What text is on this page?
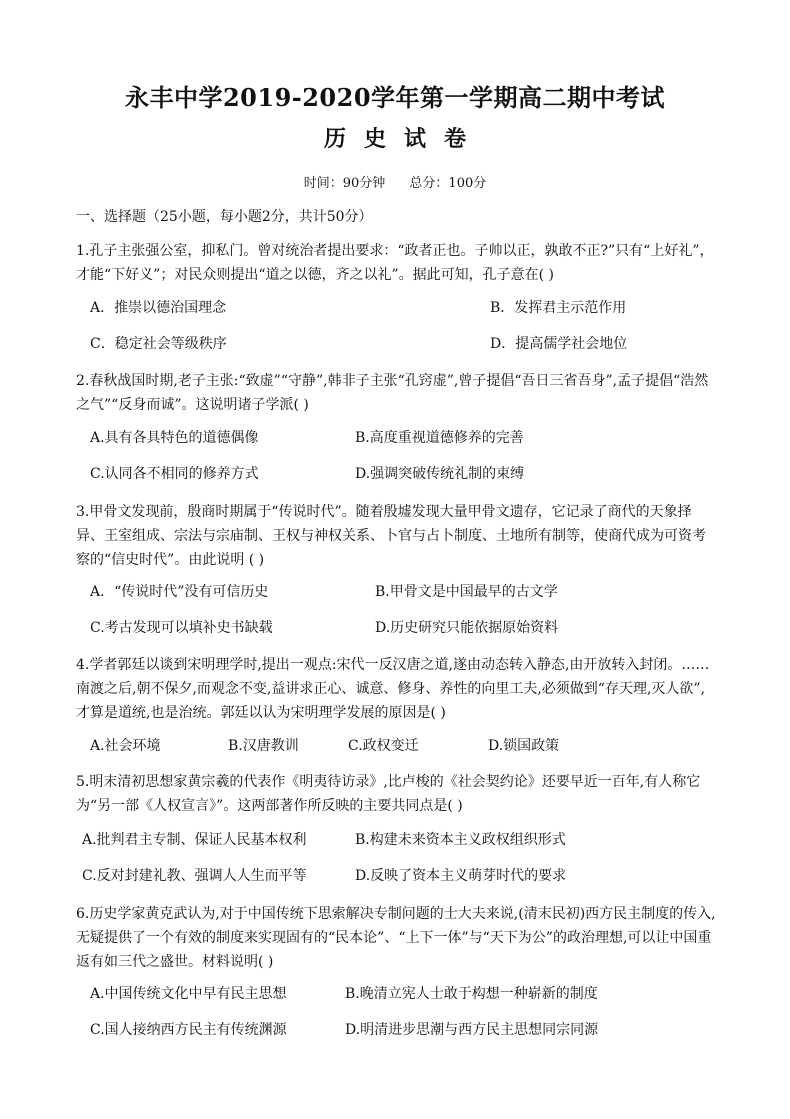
永丰中学2019-2020学年第一学期高二期中考试
历史试卷
时间：90分钟 总分：100分
一、选择题（25小题，每小题2分，共计50分）
1.孔子主张强公室，抑私门。曾对统治者提出要求：“政者正也。子帅以正，孰敢不正?”只有“上好礼”，才能“下好义”；对民众则提出“道之以德，齐之以礼”。据此可知，孔子意在( )
A．推崇以德治国理念	B．发挥君主示范作用
C．稳定社会等级秩序	D．提高儒学社会地位
2.春秋战国时期,老子主张:“致虚”“守静”,韩非子主张“孔窍虚”,曾子提倡“吾日三省吾身”,孟子提倡“浩然之气”“反身而诚”。这说明诸子学派( )
A.具有各具特色的道德偶像	B.高度重视道德修养的完善
C.认同各不相同的修养方式	D.强调突破传统礼制的束缚
3.甲骨文发现前，殷商时期属于“传说时代”。随着殷墟发现大量甲骨文遗存，它记录了商代的天象择异、王室组成、宗法与宗庙制、王权与神权关系、卜官与占卜制度、土地所有制等，使商代成为可资考察的“信史时代”。由此说明 ( )
A．“传说时代”没有可信历史	B.甲骨文是中国最早的古文学
C.考古发现可以填补史书缺载	D.历史研究只能依据原始资料
4.学者郭廷以谈到宋明理学时,提出一观点:宋代一反汉唐之道,遂由动态转入静态,由开放转入封闭。……南渡之后,朝不保夕,而观念不变,益讲求正心、诚意、修身、养性的向里工夫,必须做到“存天理,灭人欲”,才算是道统,也是治统。郭廷以认为宋明理学发展的原因是( )
A.社会环境	B.汉唐教训	C.政权变迁	D.锁国政策
5.明末清初思想家黄宗羲的代表作《明夷待访录》,比卢梭的《社会契约论》还要早近一百年,有人称它为“另一部《人权宣言》”。这两部著作所反映的主要共同点是( )
A.批判君主专制、保证人民基本权利	B.构建未来资本主义政权组织形式
C.反对封建礼教、强调人人生而平等	D.反映了资本主义萌芽时代的要求
6.历史学家黄克武认为,对于中国传统下思索解决专制问题的士大夫来说,(清末民初)西方民主制度的传入,无疑提供了一个有效的制度来实现固有的“民本论”、“上下一体”与“天下为公”的政治理想,可以让中国重返有如三代之盛世。材料说明( )
A.中国传统文化中早有民主思想	B.晚清立宪人士敢于构想一种崭新的制度
C.国人接纳西方民主有传统渊源	D.明清进步思潮与西方民主思想同宗同源
